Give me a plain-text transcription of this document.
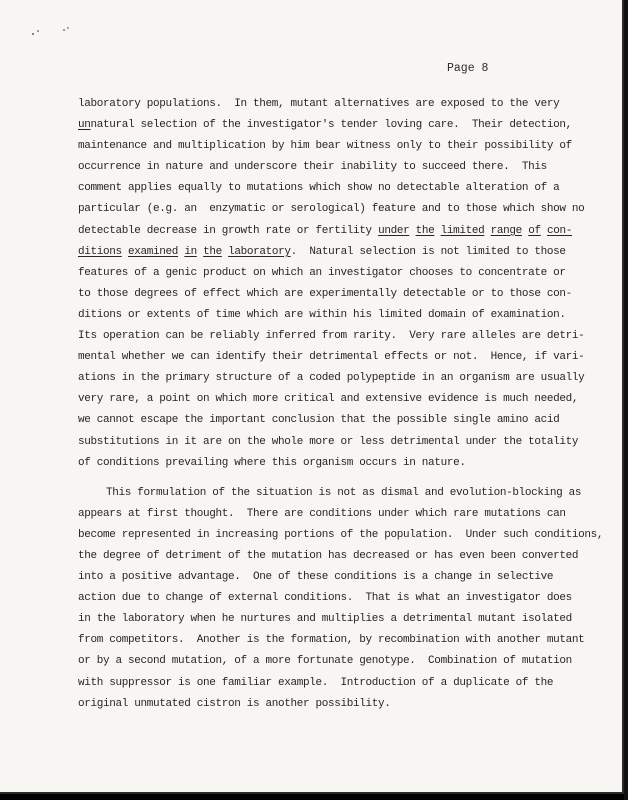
Page 8
laboratory populations.  In them, mutant alternatives are exposed to the very
unnatural selection of the investigator's tender loving care.  Their detection,
maintenance and multiplication by him bear witness only to their possibility of
occurrence in nature and underscore their inability to succeed there.  This
comment applies equally to mutations which show no detectable alteration of a
particular (e.g. an  enzymatic or serological) feature and to those which show no
detectable decrease in growth rate or fertility under the limited range of con-
ditions examined in the laboratory.  Natural selection is not limited to those
features of a genic product on which an investigator chooses to concentrate or
to those degrees of effect which are experimentally detectable or to those con-
ditions or extents of time which are within his limited domain of examination.
Its operation can be reliably inferred from rarity.  Very rare alleles are detri-
mental whether we can identify their detrimental effects or not.  Hence, if vari-
ations in the primary structure of a coded polypeptide in an organism are usually
very rare, a point on which more critical and extensive evidence is much needed,
we cannot escape the important conclusion that the possible single amino acid
substitutions in it are on the whole more or less detrimental under the totality
of conditions prevailing where this organism occurs in nature.
This formulation of the situation is not as dismal and evolution-blocking as
appears at first thought.  There are conditions under which rare mutations can
become represented in increasing portions of the population.  Under such conditions,
the degree of detriment of the mutation has decreased or has even been converted
into a positive advantage.  One of these conditions is a change in selective
action due to change of external conditions.  That is what an investigator does
in the laboratory when he nurtures and multiplies a detrimental mutant isolated
from competitors.  Another is the formation, by recombination with another mutant
or by a second mutation, of a more fortunate genotype.  Combination of mutation
with suppressor is one familiar example.  Introduction of a duplicate of the
original unmutated cistron is another possibility.
